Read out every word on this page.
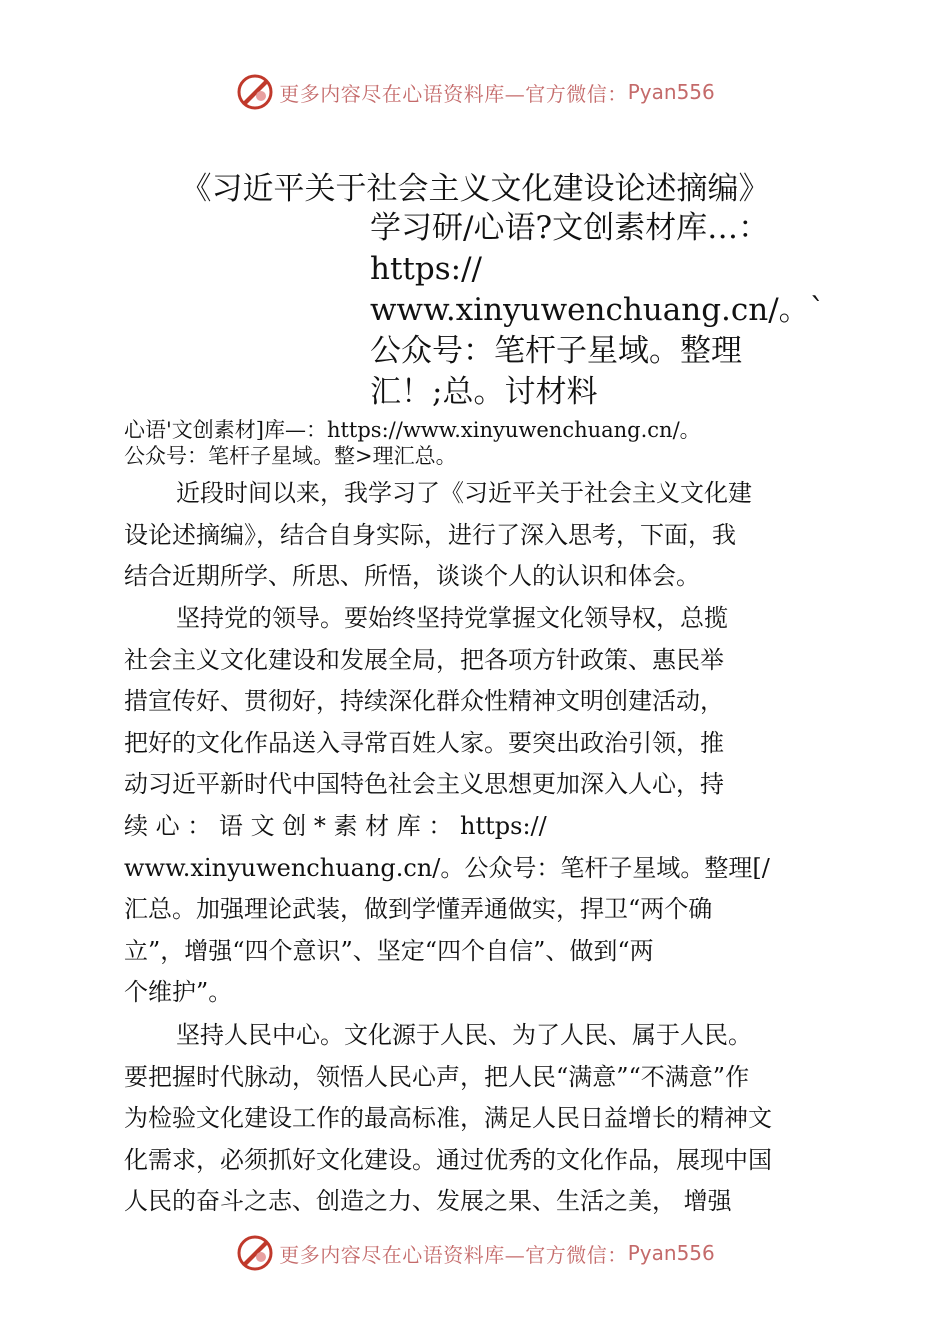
更多内容尽在心语资料库—官方微信： Pyan556
《习近平关于社会主义文化建设论述摘编》
学习研/心语?文创素材库…：
https://
www.xinyuwenchuang.cn/。`
公众号：笔杆子星域。整理
汇！;总。讨材料
心语'文创素材]库—：https://www.xinyuwenchuang.cn/。
公众号：笔杆子星域。整>理汇总。
近段时间以来，我学习了《习近平关于社会主义文化建
设论述摘编》，结合自身实际，进行了深入思考，下面，我
结合近期所学、所思、所悟，谈谈个人的认识和体会。
坚持党的领导。要始终坚持党掌握文化领导权，总揽
社会主义文化建设和发展全局，把各项方针政策、惠民举
措宣传好、贯彻好，持续深化群众性精神文明创建活动，
把好的文化作品送入寻常百姓人家。要突出政治引领，推
动习近平新时代中国特色社会主义思想更加深入人心，持
续 心 ： 语 文 创 * 素 材 库 ： https://
www.xinyuwenchuang.cn/。公众号：笔杆子星域。整理[/
汇总。加强理论武装，做到学懂弄通做实，捍卫“两个确
立”，增强“四个意识”、坚定“四个自信”、做到“两
个维护”。
坚持人民中心。文化源于人民、为了人民、属于人民。
要把握时代脉动，领悟人民心声，把人民“满意”“不满意”作
为检验文化建设工作的最高标准，满足人民日益增长的精神文
化需求，必须抓好文化建设。通过优秀的文化作品，展现中国
人民的奋斗之志、创造之力、发展之果、生活之美， 增强
更多内容尽在心语资料库—官方微信： Pyan556
